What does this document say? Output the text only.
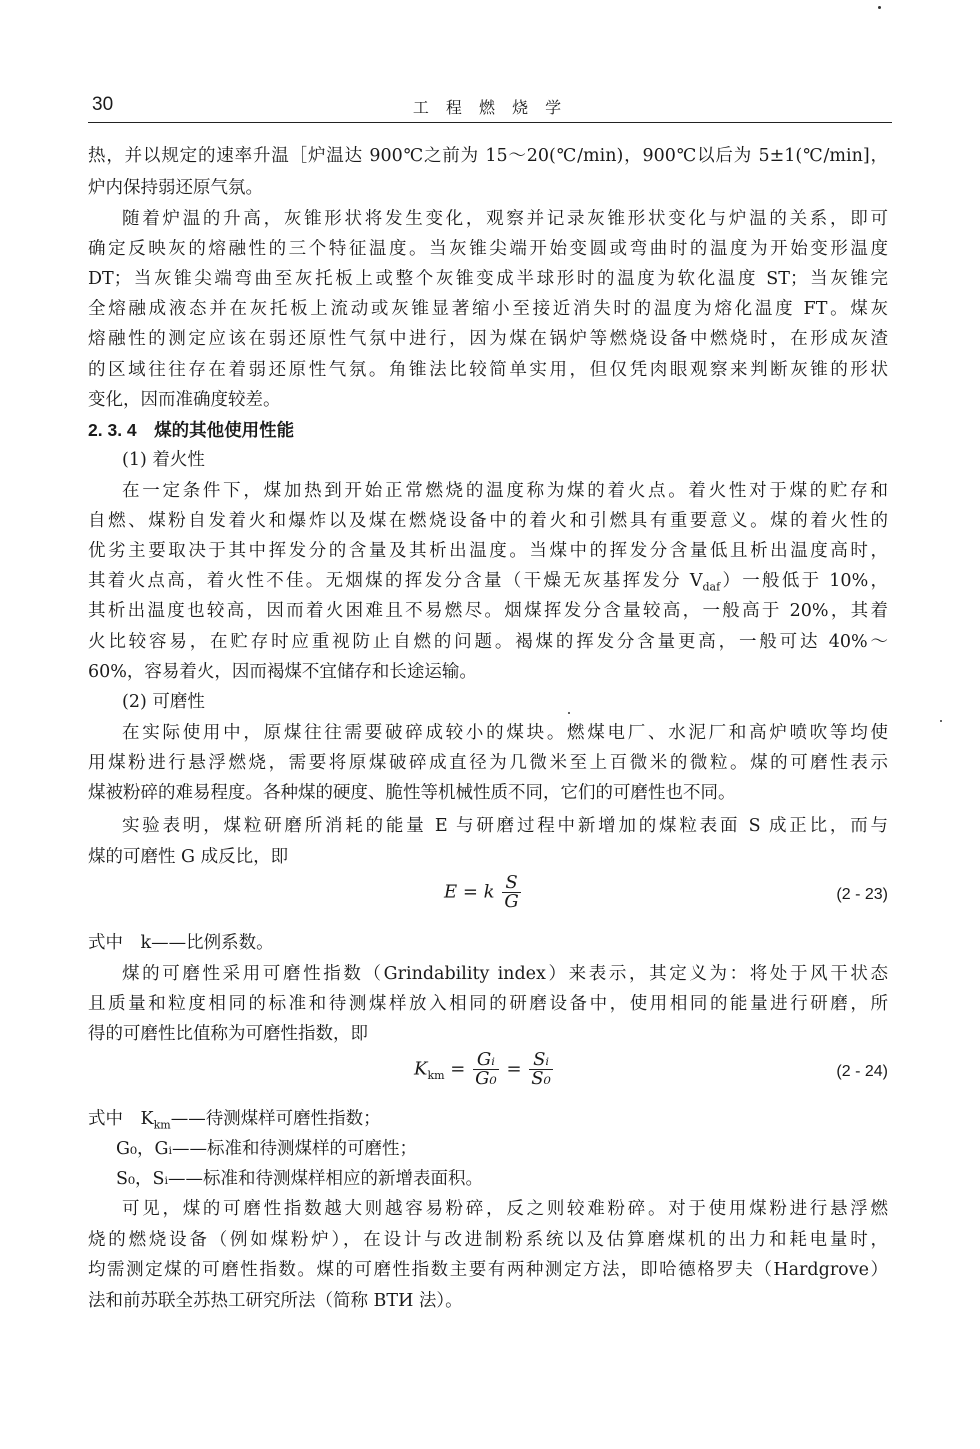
30	工 程 燃 烧 学
热，并以规定的速率升温［炉温达 900℃之前为 15～20(℃/min)，900℃以后为 5±1(℃/min]，
炉内保持弱还原气氛。
随着炉温的升高，灰锥形状将发生变化，观察并记录灰锥形状变化与炉温的关系，即可
确定反映灰的熔融性的三个特征温度。当灰锥尖端开始变圆或弯曲时的温度为开始变形温度
DT；当灰锥尖端弯曲至灰托板上或整个灰锥变成半球形时的温度为软化温度 ST；当灰锥完
全熔融成液态并在灰托板上流动或灰锥显著缩小至接近消失时的温度为熔化温度 FT。煤灰
熔融性的测定应该在弱还原性气氛中进行，因为煤在锅炉等燃烧设备中燃烧时，在形成灰渣
的区域往往存在着弱还原性气氛。角锥法比较简单实用，但仅凭肉眼观察来判断灰锥的形状
变化，因而准确度较差。
2. 3. 4　煤的其他使用性能
(1) 着火性
在一定条件下，煤加热到开始正常燃烧的温度称为煤的着火点。着火性对于煤的贮存和
自燃、煤粉自发着火和爆炸以及煤在燃烧设备中的着火和引燃具有重要意义。煤的着火性的
优劣主要取决于其中挥发分的含量及其析出温度。当煤中的挥发分含量低且析出温度高时，
其着火点高，着火性不佳。无烟煤的挥发分含量（干燥无灰基挥发分 $V_{daf}$）一般低于 10%，
其析出温度也较高，因而着火困难且不易燃尽。烟煤挥发分含量较高，一般高于 20%，其着
火比较容易，在贮存时应重视防止自燃的问题。褐煤的挥发分含量更高，一般可达 40%～
60%，容易着火，因而褐煤不宜储存和长途运输。
(2) 可磨性
在实际使用中，原煤往往需要破碎成较小的煤块。燃煤电厂、水泥厂和高炉喷吹等均使
用煤粉进行悬浮燃烧，需要将原煤破碎成直径为几微米至上百微米的微粒。煤的可磨性表示
煤被粉碎的难易程度。各种煤的硬度、脆性等机械性质不同，它们的可磨性也不同。
实验表明，煤粒研磨所消耗的能量 E 与研磨过程中新增加的煤粒表面 S 成正比，而与
煤的可磨性 G 成反比，即
E = k $\frac{S}{G}$	(2 - 23)
式中　k——比例系数。
煤的可磨性采用可磨性指数（Grindability index）来表示，其定义为：将处于风干状态
且质量和粒度相同的标准和待测煤样放入相同的研磨设备中，使用相同的能量进行研磨，所
得的可磨性比值称为可磨性指数，即
$K_{km} = \frac{\text{Gᵢ}}{\text{G₀}} = \frac{\text{Sᵢ}}{\text{S₀}}$	(2 - 24)
式中　$K_{km}——$待测煤样可磨性指数；
G₀，Gᵢ——标准和待测煤样的可磨性；
S₀，Sᵢ——标准和待测煤样相应的新增表面积。
可见，煤的可磨性指数越大则越容易粉碎，反之则较难粉碎。对于使用煤粉进行悬浮燃
烧的燃烧设备（例如煤粉炉），在设计与改进制粉系统以及估算磨煤机的出力和耗电量时，
均需测定煤的可磨性指数。煤的可磨性指数主要有两种测定方法，即哈德格罗夫（Hardgrove）
法和前苏联全苏热工研究所法（简称 ВТИ 法）。
